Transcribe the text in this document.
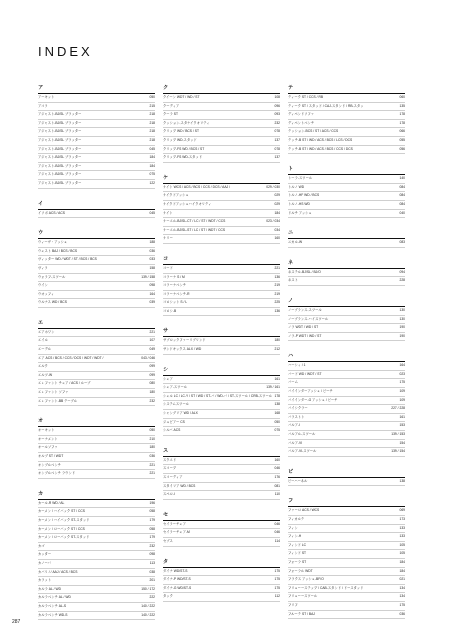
INDEX
ア
アーキット	050
アコラ	215
アジャスト-BJ/SL ブラッター	218
アジャスト-BJ/SL ブラッター	218
アジャスト-BJ/SL ブラッター	218
アジャスト-BJ/SL ブラッター	218
アジャスト-BJ/SL ブラッター	045
アジャスト-BJ/SL ブラッター	184
アジャスト-BJ/SL ブラッター	184
アジャスト-BJ/SL ブラッター	075
アジャスト-BJ/SL ブラッター	122
イ
イソボ ACS / ACS	045
ウ
ウィーザ・アッシュ	188
ウェスト BAJ / BCS / BCS	036
ヴィッター WD / WDT / ST / BCS / BCS	033
ヴィラ	158
ウォラフ-スツール	139 / 158
ウイン	098
ウオッフィ	164
ウルナス WD / BCS	039
エ
エアホワン	221
エイル	107
エーデル	049
エア ACS / BCS / CCS / DCS / WDT / WDT /	043 / 046
エルク	099
エルツ-W	099
エレファント チェア / ACS / ルーブ	080
エレファント ソファ	180
エレファント-BB テーブル	232
オ
オーキット	050
オーナメント	210
オールソファ	180
オルブ ST / WDT	036
オンブルベンチ	221
オンブルベンチ ラウンド	221
カ
カール-R WD / AL	196
カーメン / ハイバック ST / CCS	058
カーメン / ハイバック ST-スタッド	179
カーメン / ローバック ST / CCS	058
カーメン / ローバック ST-スタッド	179
カゴ	232
カッター	098
カノーバ	113
カバリ / / AAJ / ACS / BCS	038
カラット	201
カルラ AL / WD	150 / 172
カルラベンチ AL / WD	222
カルラベンチ AL-S	140 / 222
カルラベンチ WD-S	140 / 222
ク
クイーン WDT / WD / ST	108
クーディア	096
クーラ ST	093
クッション-スタナイクオリティ	232
クリップ WD / BCS / ST	078
クリップ WD-スタッド	137
クリップ-FS WD / BCS / ST	078
クリップ-FS WD-スタッド	137
ケ
ケイト WCS / ACS / BCS / CCS / DCS / AAJ /	029 / 030
ケイクドアッシュ	029
ケイクドアッシュハイクオリティ	029
ケイト	184
ケーエル-BJ/SL-CT / LC / ST / WDT / CCS	023 / 034
ケーエル-BJ/SL-ST / LC / ST / WDT / CCS	034
ケリー	160
コ
コード	221
コラーナ S / M	136
コラーナベンチ	219
コラーナベンチ-R	219
コロシット S / L	225
コロシ-B	136
サ
サブロックファーリブリンド	180
サンドキックス ALX / WD	212
シ
シェア	161
シェア-スツール	139 / 161
シェル LC / LC-Y / ST / WD / ST-バ / WD-バ / ST-スツール / CRB-スツール 178
システムスツール	138
シャングリア WD / ALX	168
ジュビアー CS	050
シルバ ACS	075
ス
スクエド	160
スコープ	046
スコーディア	176
スタイリア WD / BCS	081
スペロ-I	110
セ
セイラーチェア	046
セイラーチェア-M	046
セブス	114
タ
ダイナ WD/ST-S	175
ダイナ-P WD/ST-S	175
ダイナ-G WD/ST-S	175
タック	112
テ
ティーク ST / CCS / RB	060
ティーク ST / スタッド / CAJ-スタンド / RB-スタッ	135
ディペンドソファ	178
ディペントベンチ	178
テッション-BCS / ST / ACS / CCS	066
テッチ-B ST / WD / ACS / BCS / LCS / DCS	055
テッチ-B ST / WD / ACS / BCS / CCS / DCS	056
ト
トーラ-スツール	140
トルノ WD	084
トルノ-HF WD / BCS	084
トルノ-HS WD	084
ドルチ アッシュ	040
ニ
ニカル-W	083
ネ
ネステル-BJ/SL / BJ/O	094
ネスト	228
ノ
ノーブランス-スツール	130
ノーブランス-ハイスツール	130
ノラ WDT / WD / ST	190
ノラ-P WDT / WD / ST	190
ハ
ハーシィ / 1	164
バード WD / WDT / ST	023
バーム	175
バイインダーアッシュ / ビーチ	109
バイインダー-G アッシュ / ビーチ	109
バイシクラー	227 / 228
バラストト	161
バルア-I	153
バルアル-スツール	139 / 153
バルア-VI	154
バルア-VI-スツール	139 / 154
ビ
ビーハーネル	138
フ
ファーロ ACS / WCS	069
フィカルテ	173
フィン	133
フィン-H	133
フィンド LC	105
フィンド ST	105
フォーラ ST	184
フォーラル WDT	184
フラクス アッシュ-BF/O	021
フリューーステップ / CAB-スタンド / ドースタッド	134
フリューースツール	134
フリフ	175
フルーテ ST / BAJ	036
287
